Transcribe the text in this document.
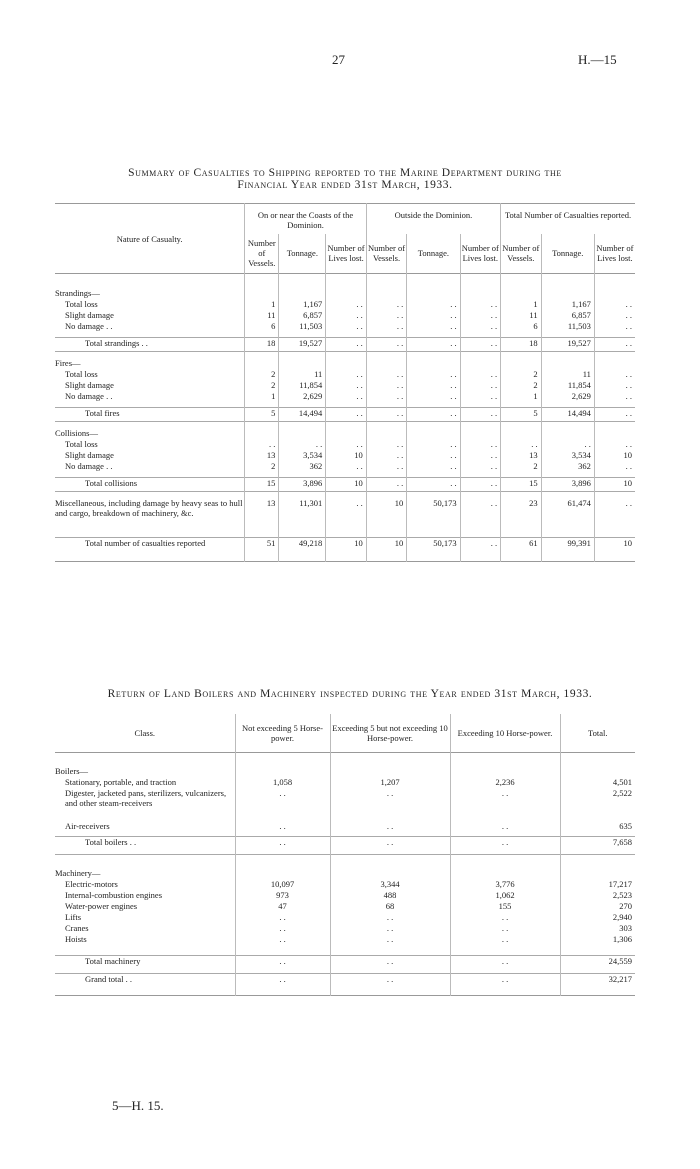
27	H.—15
Summary of Casualties to Shipping reported to the Marine Department during the
Financial Year ended 31st March, 1933.
Nature of Casualty.	On or near the Coasts of the Dominion.			Outside the Dominion.			Total Number of Casualties reported.		
	Number of Vessels.	Tonnage.	Number of Lives lost.	Number of Vessels.	Tonnage.	Number of Lives lost.	Number of Vessels.	Tonnage.	Number of Lives lost.

Strandings—									
Total loss	1	1,167	. .	. .	. .	. .	1	1,167	. .
Slight damage	11	6,857	. .	. .	. .	. .	11	6,857	. .
No damage . .	6	11,503	. .	. .	. .	. .	6	11,503	. .

Total strandings . .	18	19,527	. .	. .	. .	. .	18	19,527	. .

Fires—									
Total loss	2	11	. .	. .	. .	. .	2	11	. .
Slight damage	2	11,854	. .	. .	. .	. .	2	11,854	. .
No damage . .	1	2,629	. .	. .	. .	. .	1	2,629	. .

Total fires	5	14,494	. .	. .	. .	. .	5	14,494	. .

Collisions—									
Total loss	. .	. .	. .	. .	. .	. .	. .	. .	. .
Slight damage	13	3,534	10	. .	. .	. .	13	3,534	10
No damage . .	2	362	. .	. .	. .	. .	2	362	. .

Total collisions	15	3,896	10	. .	. .	. .	15	3,896	10

Miscellaneous, including damage by heavy seas to hull and cargo, breakdown of machinery, &c.	13	11,301	. .	10	50,173	. .	23	61,474	. .

Total number of casualties reported	51	49,218	10	10	50,173	. .	61	99,391	10
Return of Land Boilers and Machinery inspected during the Year ended 31st March, 1933.
Class.	Not exceeding 5 Horse-power.	Exceeding 5 but not exceeding 10 Horse-power.	Exceeding 10 Horse-power.	Total.

Boilers—				
Stationary, portable, and traction	1,058	1,207	2,236	4,501
Digester, jacketed pans, sterilizers, vulcanizers, and other steam-receivers	. .	. .	. .	2,522
Air-receivers	. .	. .	. .	635

Total boilers . .	. .	. .	. .	7,658

Machinery—				
Electric-motors	10,097	3,344	3,776	17,217
Internal-combustion engines	973	488	1,062	2,523
Water-power engines	47	68	155	270
Lifts	. .	. .	. .	2,940
Cranes	. .	. .	. .	303
Hoists	. .	. .	. .	1,306

Total machinery	. .	. .	. .	24,559
Grand total . .	. .	. .	. .	32,217
5—H. 15.
